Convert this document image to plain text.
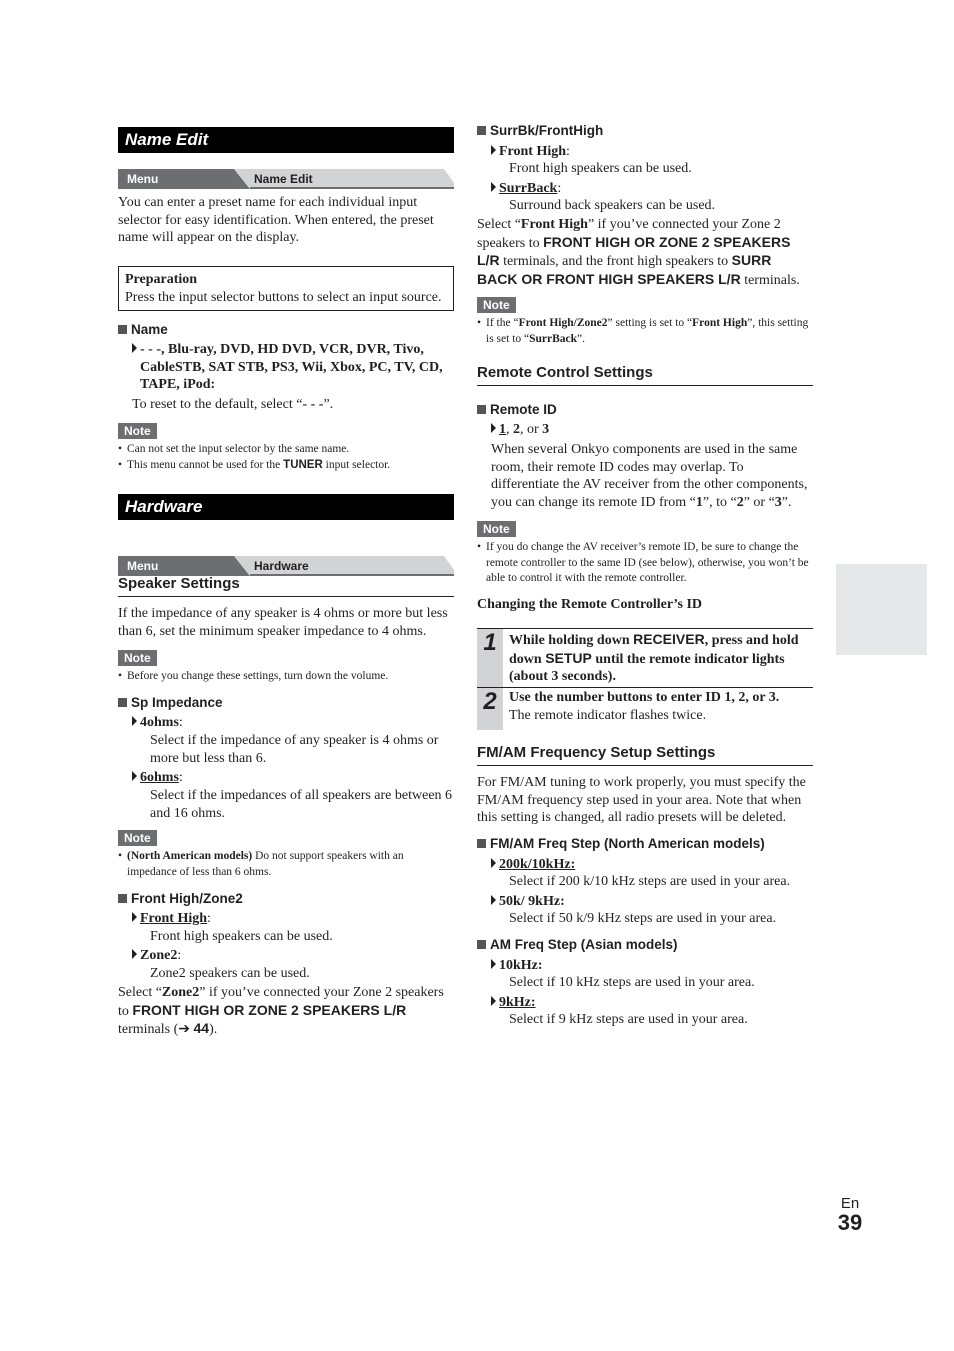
Name Edit
Menu	Name Edit
You can enter a preset name for each individual input selector for easy identification. When entered, the preset name will appear on the display.
Preparation
Press the input selector buttons to select an input source.
Name
- - -, Blu-ray, DVD, HD DVD, VCR, DVR, Tivo,
CableSTB, SAT STB, PS3, Wii, Xbox, PC, TV, CD,
TAPE, iPod:
To reset to the default, select “- - -”.
Note
• Can not set the input selector by the same name.
• This menu cannot be used for the TUNER input selector.
Hardware
Menu	Hardware
Speaker Settings
If the impedance of any speaker is 4 ohms or more but less than 6, set the minimum speaker impedance to 4 ohms.
Note
• Before you change these settings, turn down the volume.
Sp Impedance
4ohms:
Select if the impedance of any speaker is 4 ohms or more but less than 6.
6ohms:
Select if the impedances of all speakers are between 6 and 16 ohms.
Note
• (North American models) Do not support speakers with an impedance of less than 6 ohms.
Front High/Zone2
Front High:
Front high speakers can be used.
Zone2:
Zone2 speakers can be used.
Select “Zone2” if you’ve connected your Zone 2 speakers to FRONT HIGH OR ZONE 2 SPEAKERS L/R terminals (➔ 44).
SurrBk/FrontHigh
Front High:
Front high speakers can be used.
SurrBack:
Surround back speakers can be used.
Select “Front High” if you’ve connected your Zone 2 speakers to FRONT HIGH OR ZONE 2 SPEAKERS L/R terminals, and the front high speakers to SURR BACK OR FRONT HIGH SPEAKERS L/R terminals.
Note
• If the “Front High/Zone2” setting is set to “Front High”, this setting is set to “SurrBack”.
Remote Control Settings
Remote ID
1, 2, or 3
When several Onkyo components are used in the same room, their remote ID codes may overlap. To differentiate the AV receiver from the other components, you can change its remote ID from “1”, to “2” or “3”.
Note
• If you do change the AV receiver’s remote ID, be sure to change the remote controller to the same ID (see below), otherwise, you won’t be able to control it with the remote controller.
Changing the Remote Controller’s ID
1 While holding down RECEIVER, press and hold down SETUP until the remote indicator lights (about 3 seconds).
2 Use the number buttons to enter ID 1, 2, or 3.
The remote indicator flashes twice.
FM/AM Frequency Setup Settings
For FM/AM tuning to work properly, you must specify the FM/AM frequency step used in your area. Note that when this setting is changed, all radio presets will be deleted.
FM/AM Freq Step (North American models)
200k/10kHz:
Select if 200 k/10 kHz steps are used in your area.
50k/ 9kHz:
Select if 50 k/9 kHz steps are used in your area.
AM Freq Step (Asian models)
10kHz:
Select if 10 kHz steps are used in your area.
9kHz:
Select if 9 kHz steps are used in your area.
En
39
